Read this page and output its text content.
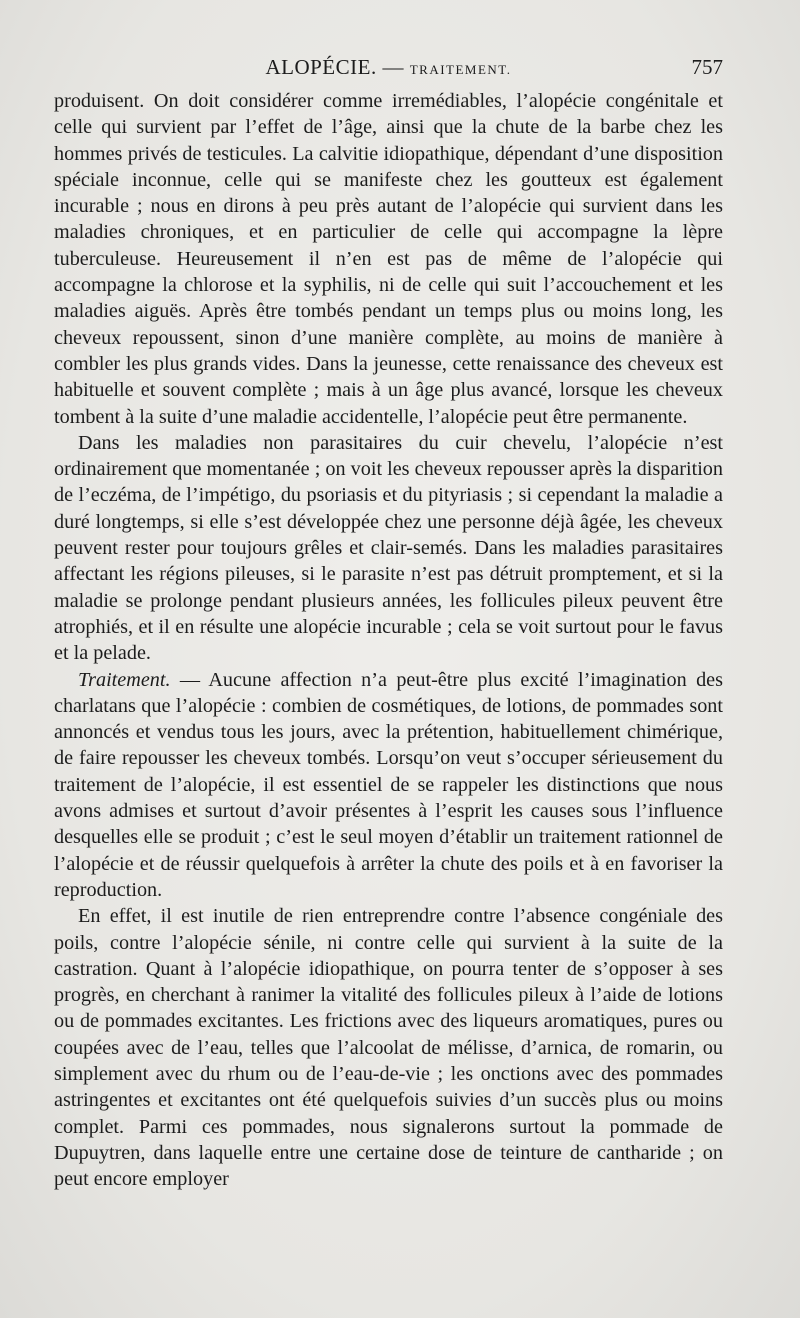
ALOPÉCIE. — TRAITEMENT.	757

produisent. On doit considérer comme irremédiables, l’alopécie congénitale et celle qui survient par l’effet de l’âge, ainsi que la chute de la barbe chez les hommes privés de testicules. La calvitie idiopathique, dépendant d’une disposition spéciale inconnue, celle qui se manifeste chez les goutteux est également incurable ; nous en dirons à peu près autant de l’alopécie qui survient dans les maladies chroniques, et en particulier de celle qui accompagne la lèpre tuberculeuse. Heureusement il n’en est pas de même de l’alopécie qui accompagne la chlorose et la syphilis, ni de celle qui suit l’accouchement et les maladies aiguës. Après être tombés pendant un temps plus ou moins long, les cheveux repoussent, sinon d’une manière complète, au moins de manière à combler les plus grands vides. Dans la jeunesse, cette renaissance des cheveux est habituelle et souvent complète ; mais à un âge plus avancé, lorsque les cheveux tombent à la suite d’une maladie accidentelle, l’alopécie peut être permanente.

Dans les maladies non parasitaires du cuir chevelu, l’alopécie n’est ordinairement que momentanée ; on voit les cheveux repousser après la disparition de l’eczéma, de l’impétigo, du psoriasis et du pityriasis ; si cependant la maladie a duré longtemps, si elle s’est développée chez une personne déjà âgée, les cheveux peuvent rester pour toujours grêles et clair-semés. Dans les maladies parasitaires affectant les régions pileuses, si le parasite n’est pas détruit promptement, et si la maladie se prolonge pendant plusieurs années, les follicules pileux peuvent être atrophiés, et il en résulte une alopécie incurable ; cela se voit surtout pour le favus et la pelade.

Traitement. — Aucune affection n’a peut-être plus excité l’imagination des charlatans que l’alopécie : combien de cosmétiques, de lotions, de pommades sont annoncés et vendus tous les jours, avec la prétention, habituellement chimérique, de faire repousser les cheveux tombés. Lorsqu’on veut s’occuper sérieusement du traitement de l’alopécie, il est essentiel de se rappeler les distinctions que nous avons admises et surtout d’avoir présentes à l’esprit les causes sous l’influence desquelles elle se produit ; c’est le seul moyen d’établir un traitement rationnel de l’alopécie et de réussir quelquefois à arrêter la chute des poils et à en favoriser la reproduction.

En effet, il est inutile de rien entreprendre contre l’absence congéniale des poils, contre l’alopécie sénile, ni contre celle qui survient à la suite de la castration. Quant à l’alopécie idiopathique, on pourra tenter de s’opposer à ses progrès, en cherchant à ranimer la vitalité des follicules pileux à l’aide de lotions ou de pommades excitantes. Les frictions avec des liqueurs aromatiques, pures ou coupées avec de l’eau, telles que l’alcoolat de mélisse, d’arnica, de romarin, ou simplement avec du rhum ou de l’eau-de-vie ; les onctions avec des pommades astringentes et excitantes ont été quelquefois suivies d’un succès plus ou moins complet. Parmi ces pommades, nous signalerons surtout la pommade de Dupuytren, dans laquelle entre une certaine dose de teinture de cantharide ; on peut encore employer
